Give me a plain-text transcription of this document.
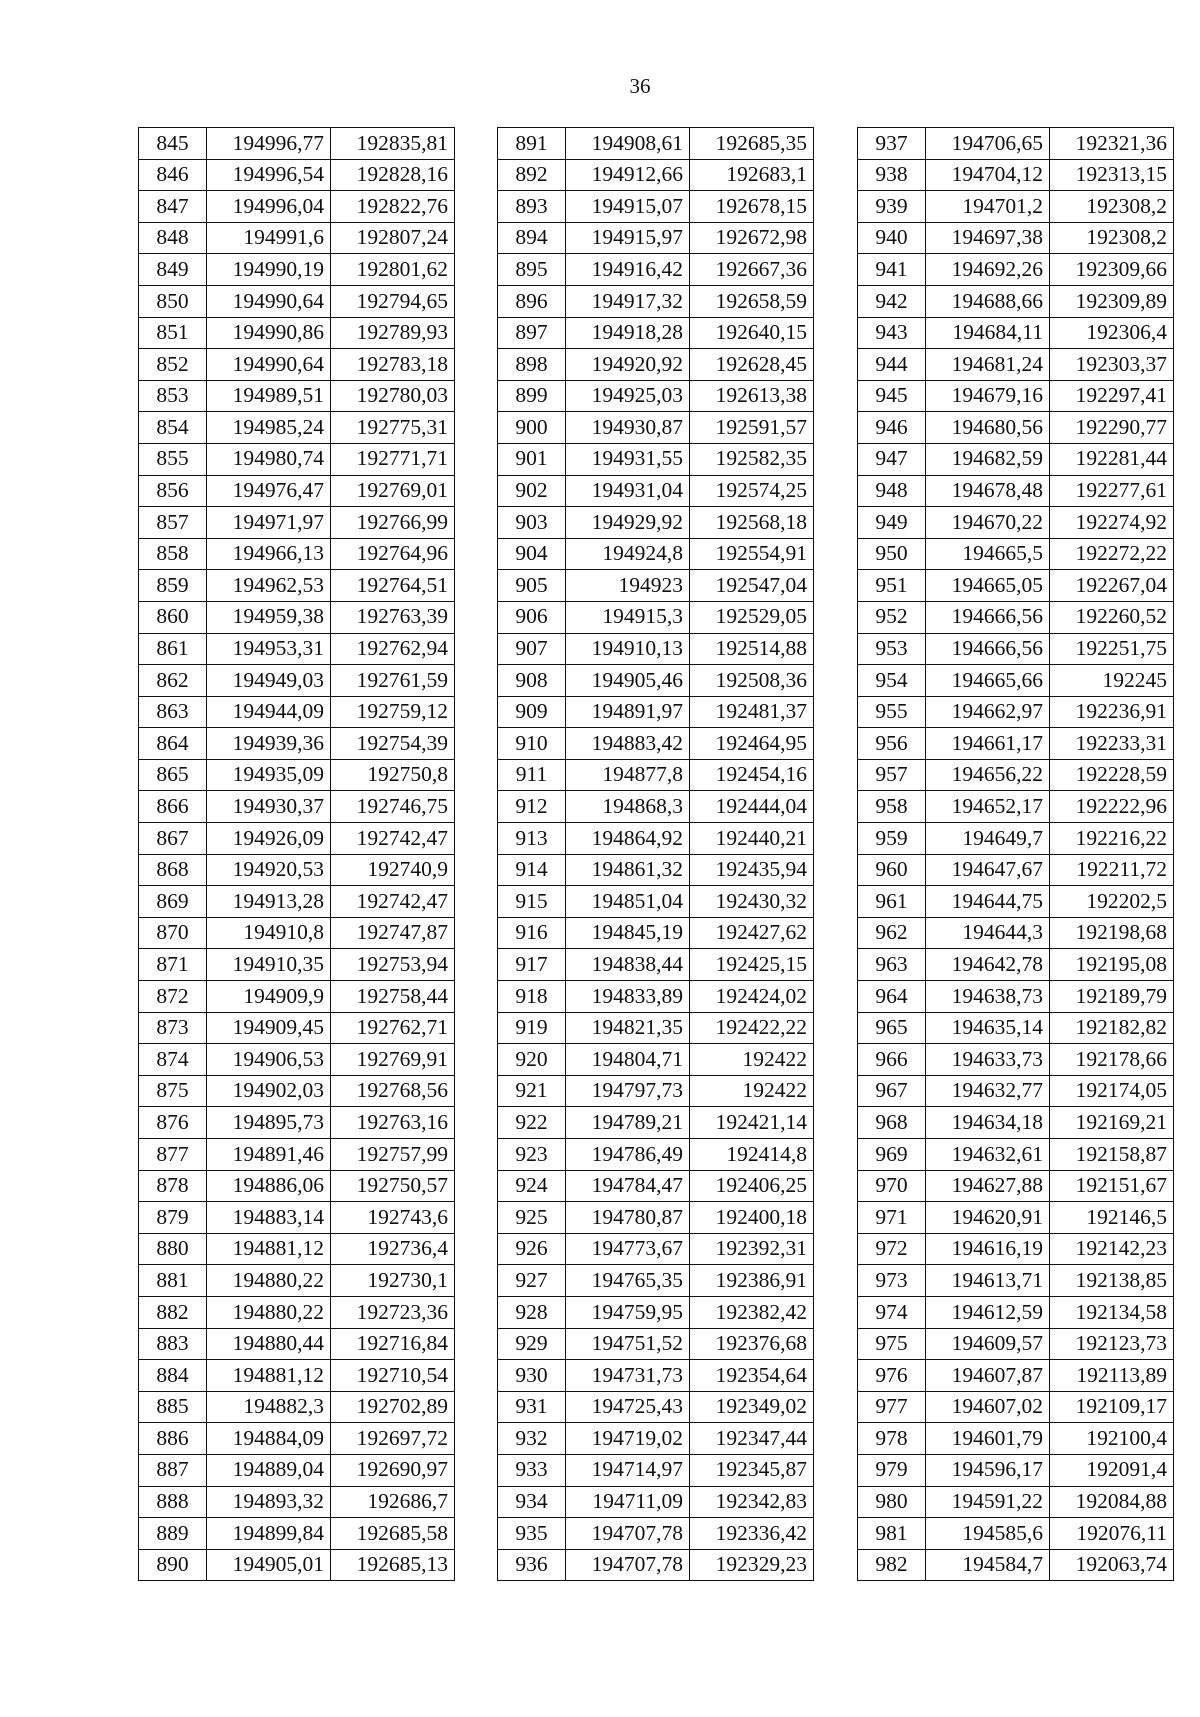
36
845	194996,77	192835,81
846	194996,54	192828,16
847	194996,04	192822,76
848	194991,6	192807,24
849	194990,19	192801,62
850	194990,64	192794,65
851	194990,86	192789,93
852	194990,64	192783,18
853	194989,51	192780,03
854	194985,24	192775,31
855	194980,74	192771,71
856	194976,47	192769,01
857	194971,97	192766,99
858	194966,13	192764,96
859	194962,53	192764,51
860	194959,38	192763,39
861	194953,31	192762,94
862	194949,03	192761,59
863	194944,09	192759,12
864	194939,36	192754,39
865	194935,09	192750,8
866	194930,37	192746,75
867	194926,09	192742,47
868	194920,53	192740,9
869	194913,28	192742,47
870	194910,8	192747,87
871	194910,35	192753,94
872	194909,9	192758,44
873	194909,45	192762,71
874	194906,53	192769,91
875	194902,03	192768,56
876	194895,73	192763,16
877	194891,46	192757,99
878	194886,06	192750,57
879	194883,14	192743,6
880	194881,12	192736,4
881	194880,22	192730,1
882	194880,22	192723,36
883	194880,44	192716,84
884	194881,12	192710,54
885	194882,3	192702,89
886	194884,09	192697,72
887	194889,04	192690,97
888	194893,32	192686,7
889	194899,84	192685,58
890	194905,01	192685,13
891	194908,61	192685,35
892	194912,66	192683,1
893	194915,07	192678,15
894	194915,97	192672,98
895	194916,42	192667,36
896	194917,32	192658,59
897	194918,28	192640,15
898	194920,92	192628,45
899	194925,03	192613,38
900	194930,87	192591,57
901	194931,55	192582,35
902	194931,04	192574,25
903	194929,92	192568,18
904	194924,8	192554,91
905	194923	192547,04
906	194915,3	192529,05
907	194910,13	192514,88
908	194905,46	192508,36
909	194891,97	192481,37
910	194883,42	192464,95
911	194877,8	192454,16
912	194868,3	192444,04
913	194864,92	192440,21
914	194861,32	192435,94
915	194851,04	192430,32
916	194845,19	192427,62
917	194838,44	192425,15
918	194833,89	192424,02
919	194821,35	192422,22
920	194804,71	192422
921	194797,73	192422
922	194789,21	192421,14
923	194786,49	192414,8
924	194784,47	192406,25
925	194780,87	192400,18
926	194773,67	192392,31
927	194765,35	192386,91
928	194759,95	192382,42
929	194751,52	192376,68
930	194731,73	192354,64
931	194725,43	192349,02
932	194719,02	192347,44
933	194714,97	192345,87
934	194711,09	192342,83
935	194707,78	192336,42
936	194707,78	192329,23
937	194706,65	192321,36
938	194704,12	192313,15
939	194701,2	192308,2
940	194697,38	192308,2
941	194692,26	192309,66
942	194688,66	192309,89
943	194684,11	192306,4
944	194681,24	192303,37
945	194679,16	192297,41
946	194680,56	192290,77
947	194682,59	192281,44
948	194678,48	192277,61
949	194670,22	192274,92
950	194665,5	192272,22
951	194665,05	192267,04
952	194666,56	192260,52
953	194666,56	192251,75
954	194665,66	192245
955	194662,97	192236,91
956	194661,17	192233,31
957	194656,22	192228,59
958	194652,17	192222,96
959	194649,7	192216,22
960	194647,67	192211,72
961	194644,75	192202,5
962	194644,3	192198,68
963	194642,78	192195,08
964	194638,73	192189,79
965	194635,14	192182,82
966	194633,73	192178,66
967	194632,77	192174,05
968	194634,18	192169,21
969	194632,61	192158,87
970	194627,88	192151,67
971	194620,91	192146,5
972	194616,19	192142,23
973	194613,71	192138,85
974	194612,59	192134,58
975	194609,57	192123,73
976	194607,87	192113,89
977	194607,02	192109,17
978	194601,79	192100,4
979	194596,17	192091,4
980	194591,22	192084,88
981	194585,6	192076,11
982	194584,7	192063,74
